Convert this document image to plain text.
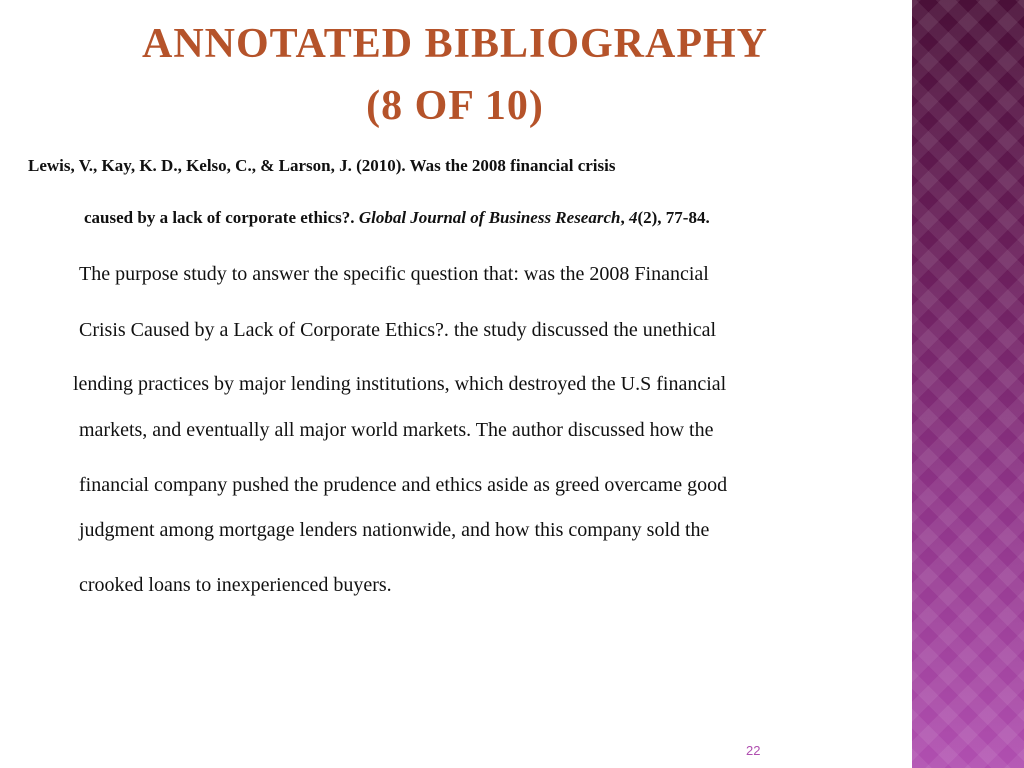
ANNOTATED BIBLIOGRAPHY
(8 OF 10)

Lewis, V., Kay, K. D., Kelso, C., & Larson, J. (2010). Was the 2008 financial crisis

caused by a lack of corporate ethics?. Global Journal of Business Research, 4(2), 77-84.

The purpose study to answer the specific question that: was the 2008 Financial

Crisis Caused by a Lack of Corporate Ethics?. the study discussed the unethical

lending practices by major lending institutions, which destroyed the U.S financial

markets, and eventually all major world markets. The author discussed how the

financial company pushed the prudence and ethics aside as greed overcame good

judgment among mortgage lenders nationwide, and how this company sold the

crooked loans to inexperienced buyers.

22
